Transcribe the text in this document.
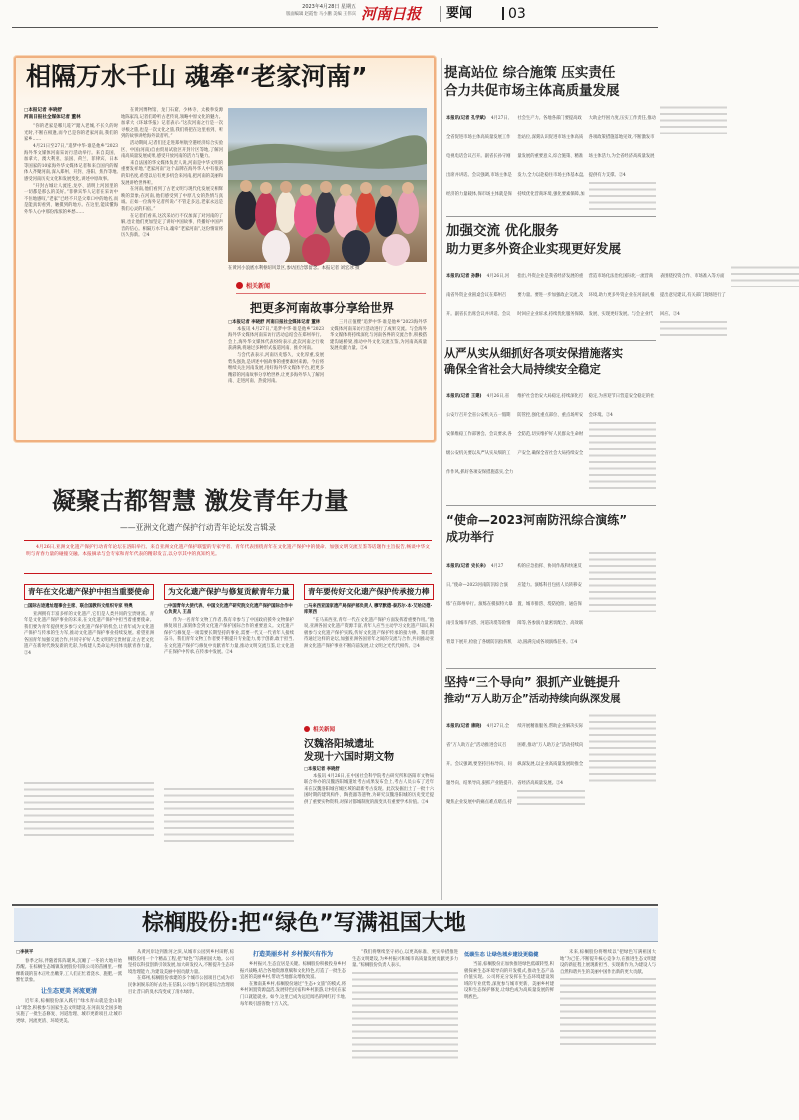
2023年4月28日 星期五
版面编辑 赵霞怡 马小鹏 美编 王伟宾 河南日报	要闻	03
相隔万水千山 魂牵“老家河南”
□本报记者 李晓舒
河南日报社全媒体记者 董林
“你的老家是哪儿哇?”踏入老城,不长久的时光时,不断在相逢,而今已是你的老家河南,我们的家乡……
4月21日至27日,“追梦中华·谁是他乡”2023海外华文媒体河南采访行活动举行。来自美国、加拿大、澳大利亚、法国、荷兰、菲律宾、日本等国家的10家海外华文媒体记者和来自国内的媒体人齐聚河南,深入郑州、开封、洛阳、焦作等地,感受河南历史文化和发展变化,讲述中原故事。
“开封古城让人流连,龙亭、清明上河园里的一切都是那么的美好。”菲律宾华人记者在采访中不住地感叹,“老家”已经不只是父辈口中的地名,而是能真切看到、触摸到的地方。在这里,能读懂海外华人心中那份浓浓的乡愁……
在黄河博物馆、龙门石窟、少林寺、太极拳发源地陈家沟,记者们聆听古老传说,领略中原文化的魅力。加拿大《环球华报》记者表示:“这次河南之行是一次寻根之旅,也是一次文化之旅,我们将把在这里看到、听到的故事讲给海外读者听。”
活动期间,记者们还走进郑州航空港经济综合实验区、中国(河南)自由贸易试验区开封片区等地,了解河南高质量发展成果,感受开放河南的活力与魅力。
来自法国的华文媒体负责人说,河南是中华文明的重要发祥地,“老家河南”这个品牌在海外华人中有很高的知名度,希望以后有更多机会来河南,把河南的美丽和发展讲给世界听。
在河南,他们看到了古老文明与现代化发展交相辉映的景象;在河南,他们感受到了中原儿女的热情与真诚。正如一位海外记者所说:“不管走多远,老家永远是我们心灵的归宿。”
在记者们看来,这次采访行不仅加深了对河南的了解,也让他们更加坚定了讲好中国故事、传播好中国声音的信心。相隔万水千山,魂牵“老家河南”,这份情谊将历久弥新。②4
在黄河小浪底水利枢纽风景区,参访团合影留念。本报记者 刘宏冰 摄
相关新闻
把更多河南故事分享给世界
□本报记者 李晓舒 河南日报社全媒体记者 董林
本报讯 4月27日,“追梦中华·谁是他乡”2023海外华文媒体河南采访行活动总结会在郑州举行。会上,海外华文媒体代表纷纷表示,此次河南之行收获满满,将通过多种形式报道河南、推介河南。
与会代表表示,河南历史悠久、文化厚重,发展势头强劲,是讲述中国故事的重要素材来源。今后将继续关注河南发展,用好海外华文媒体平台,把更多精彩的河南故事分享给世界,让更多海外华人了解河南、走进河南、热爱河南。
三月正值樱“追梦中华·谁是他乡”2023海外华文媒体河南采访行活动进行了成果交流。与会海外华文媒体将持续深化与河南各界的交流合作,积极搭建沟通桥梁,推动中外文化交流互鉴,为河南高质量发展贡献力量。②4
凝聚古都智慧 激发青年力量
——亚洲文化遗产保护行动青年论坛发言辑录
4月26日,亚洲文化遗产保护行动青年论坛在洛阳举行。来自亚洲文化遗产保护联盟的专家学者、青年代表围绕青年在文化遗产保护中的使命、加强文明交流互鉴等话题作主旨报告,畅谈中华文明与青春力量的碰撞交融。本报摘录与会专家和青年代表的精彩发言,以分享其中的真知灼见。
青年在文化遗产保护中担当重要使命
□国际古迹遗址理事会主席、联合国教科文组织专家 特奥
亚洲拥有丰富多样的文化遗产,它们是人类共同的宝贵财富。青年是文化遗产保护事业的未来,在文化遗产保护中担当着重要使命。我们要为青年提供更多参与文化遗产保护的机会,让青年成为文化遗产保护与传承的生力军,推动文化遗产保护事业持续发展。希望亚洲各国青年加强交流合作,共同守护好人类文明的宝贵财富,让古老文化遗产在新时代焕发新的光彩,为构建人类命运共同体贡献青春力量。②4
为文化遗产保护与修复贡献青年力量
□中国青年大使代表、中国文化遗产研究院文化遗产保护国际合作中心负责人 王昌
作为一名青年文物工作者,我有幸参与了中国政府援外文物保护修复项目,深刻体会到文化遗产保护国际合作的重要意义。文化遗产保护与修复是一项需要长期坚持的事业,需要一代又一代青年人接续奋斗。我们青年文物工作者要不断提升专业能力,勇于创新,敢于担当,在文化遗产保护与修复中贡献青年力量,推动文明交流互鉴,让文化遗产在保护中传承,在传承中发展。②4
青年要传好文化遗产保护传承接力棒
□马来西亚国家遗产局保护部负责人 穆罕默德·泰苏尔·本·艾哈迈德·库莱西
“在马来西亚,青年一代在文化遗产保护方面发挥着重要作用。”他说,亚洲各国文化遗产资源丰富,青年人应当主动学习文化遗产知识,积极参与文化遗产保护实践,传好文化遗产保护传承的接力棒。我们期待通过这样的论坛,加强亚洲各国青年之间的交流与合作,共同推动亚洲文化遗产保护事业不断向前发展,让文明之光代代相传。②4
提高站位 综合施策 压实责任
合力共促市场主体高质量发展
本报讯(记者 孔学斌) 4月27日,全省促进市场主体高质量发展工作电视电话会议召开。副省长孙守刚出席并讲话。会议强调,市场主体是经济的力量载体,保市场主体就是保社会生产力。各地各部门要提高政治站位,深刻认识促进市场主体高质量发展的重要意义,综合施策、精准发力,全力以赴稳住市场主体基本盘,持续优化营商环境,强化要素保障,加大助企纾困力度,压实工作责任,推动各项政策措施落地见效,不断激发市场主体活力,为全省经济高质量发展提供有力支撑。②4
加强交流 优化服务
助力更多外资企业实现更好发展
本报讯(记者 孙静) 4月26日,河南省外资企业圆桌会议在郑州召开。副省长出席会议并讲话。会议指出,外资企业是我省经济发展的重要力量。要进一步加强政企交流,及时回应企业诉求,持续优化服务保障,营造市场化法治化国际化一流营商环境,助力更多外资企业在河南扎根发展、实现更好发展。与会企业代表围绕投资合作、市场准入等方面提出意见建议,有关部门现场进行了回应。②4
从严从实从细抓好各项安保措施落实
确保全省社会大局持续安全稳定
本报讯(记者 王建) 4月26日,省公安厅召开全省公安机关五一假期安保维稳工作部署会。会议要求,各级公安机关要以从严从实从细的工作作风,抓好各项安保措施落实,全力维护社会治安大局稳定,持续深化打防管控,强化重点部位、重点场所安全防范,切实维护好人民群众生命财产安全,确保全省社会大局持续安全稳定,为喜迎节日营造安全稳定的社会环境。②4
“使命—2023河南防汛综合演练”
成功举行
本报讯(记者 史长来) 4月27日,“使命—2023河南防汛综合演练”在郑州举行。演练在模拟特大暴雨引发城市内涝、河道决堤等险情背景下展开,检验了各级防汛指挥机构的应急指挥、协同作战和快速反应能力。演练科目包括人员转移安置、城市排涝、堤防抢险、通信保障等,各参演力量密切配合、高效联动,圆满完成各项演练任务。②4
坚持“三个导向” 狠抓产业链提升
推动“万人助万企”活动持续向纵深发展
本报讯(记者 康晓) 4月27日,全省“万人助万企”活动推进会议召开。会议强调,要坚持目标导向、问题导向、结果导向,狠抓产业链提升,聚焦企业发展中的痛点难点堵点,持续开展精准服务,帮助企业解决实际困难,推动“万人助万企”活动持续向纵深发展,以企业高质量发展助推全省经济高质量发展。②4
棕榈股份:把“绿色”写满祖国大地
□李侠平
春季之际,伴随着阵阵暖风,沉睡了一冬的大地开始苏醒。在棕榈生态城镇发展股份有限公司的苗圃里,一棵棵新栽的苗木正吐出嫩芽,工人们正忙着浇水、施肥,一派繁忙景象。
让生态更美 河流更清
近年来,棕榈股份深入践行“绿水青山就是金山银山”理念,积极参与国家生态文明建设,在河南及全国多地实施了一批生态修复、河道治理、城市更新项目,让城市更绿、河流更清、环境更美。
从黄河岸边到淮河之滨,从城市公园到乡村田野,棕榈股份用一个个精品工程,把“绿色”写满祖国大地。公司坚持以科技创新引领发展,加大研发投入,不断提升生态环境治理能力,为建设美丽中国贡献力量。
在郑州,棕榈股份承建的多个城市公园项目已成为市民休闲娱乐的好去处;在信阳,公司参与的河道综合治理项目让昔日的臭水沟变成了清水绿岸。
打造美丽乡村 乡村振兴有作为
乡村振兴,生态宜居是关键。棕榈股份积极投身乡村振兴战略,结合各地资源禀赋和文化特色,打造了一批生态宜居的美丽乡村,带动当地群众增收致富。
在豫南某乡村,棕榈股份通过“生态+文旅”的模式,将乡村闲置资源盘活,发展特色民宿和乡村旅游,让村民在家门口就能就业。如今,这里已成为远近闻名的网红打卡地,每年吸引游客数十万人次。
“我们将继续坚守初心,以更高标准、更实举措推进生态文明建设,为乡村振兴和城市高质量发展贡献更多力量。”棕榈股份负责人表示。
低碳生态 让绿色城乡建设更稳健
当前,棕榈股份正加快推进绿色低碳转型,积极探索生态环境导向的开发模式,推动生态产品价值实现。公司将充分发挥在生态环境建设领域的专业优势,深度参与城市更新、美丽乡村建设和生态保护修复,让绿色成为高质量发展的鲜明底色。
未来,棕榈股份将继续以“把绿色写满祖国大地”为己任,不断提升核心竞争力,在推进生态文明建设的新征程上展现新担当、实现新作为,为建设人与自然和谐共生的美丽中国作出新的更大贡献。
相关新闻
汉魏洛阳城遗址
发现十六国时期文物
□本报记者 李晓舒
本报讯 4月26日,在中国社会科学院考古研究所和洛阳市文物局联合举办的汉魏洛阳城遗址考古成果发布会上,考古人员公布了近年来在汉魏洛阳城宫城区域的最新考古发现。此次发掘出土了一批十六国时期的建筑构件、陶瓷器等遗物,为研究汉魏洛阳城的历史变迁提供了重要实物资料,对探讨都城制度的演变具有重要学术价值。②4
